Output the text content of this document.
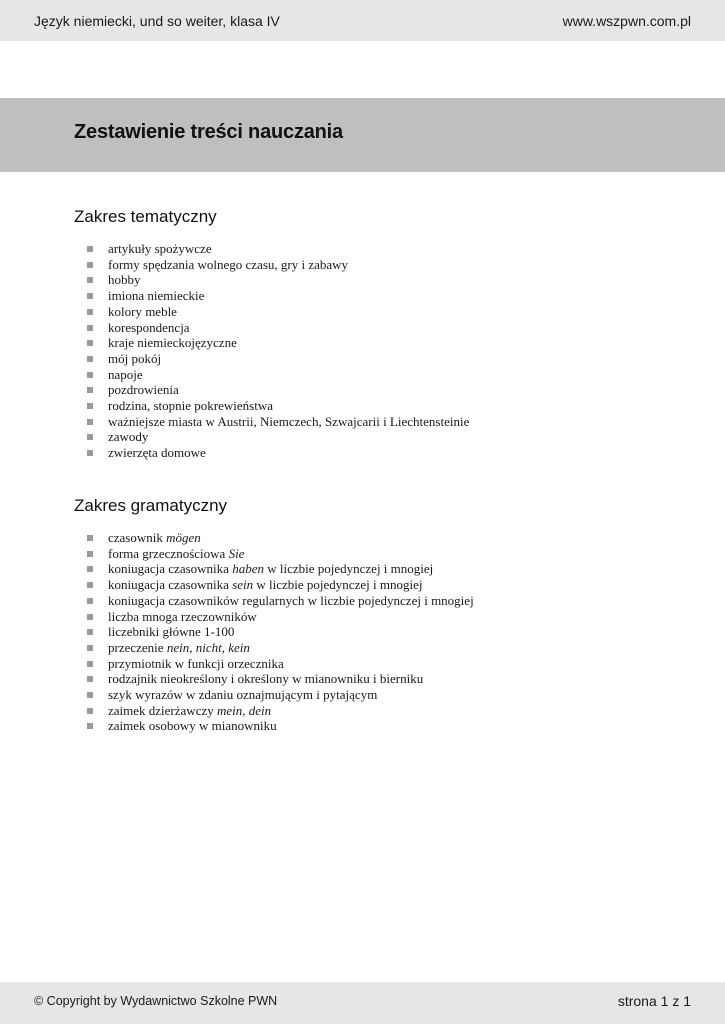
Język niemiecki, und so weiter, klasa IV	www.wszpwn.com.pl
Zestawienie treści nauczania
Zakres tematyczny
artykuły spożywcze
formy spędzania wolnego czasu, gry i zabawy
hobby
imiona niemieckie
kolory meble
korespondencja
kraje niemieckojęzyczne
mój pokój
napoje
pozdrowienia
rodzina, stopnie pokrewieństwa
ważniejsze miasta w Austrii, Niemczech, Szwajcarii i Liechtensteinie
zawody
zwierzęta domowe
Zakres gramatyczny
czasownik mögen
forma grzecznościowa Sie
koniugacja czasownika haben w liczbie pojedynczej i mnogiej
koniugacja czasownika sein w liczbie pojedynczej i mnogiej
koniugacja czasowników regularnych w liczbie pojedynczej i mnogiej
liczba mnoga rzeczowników
liczebniki główne 1-100
przeczenie nein, nicht, kein
przymiotnik w funkcji orzecznika
rodzajnik nieokreślony i określony w mianowniku i bierniku
szyk wyrazów w zdaniu oznajmującym i pytającym
zaimek dzierżawczy mein, dein
zaimek osobowy w mianowniku
© Copyright by Wydawnictwo Szkolne PWN	strona 1 z 1
